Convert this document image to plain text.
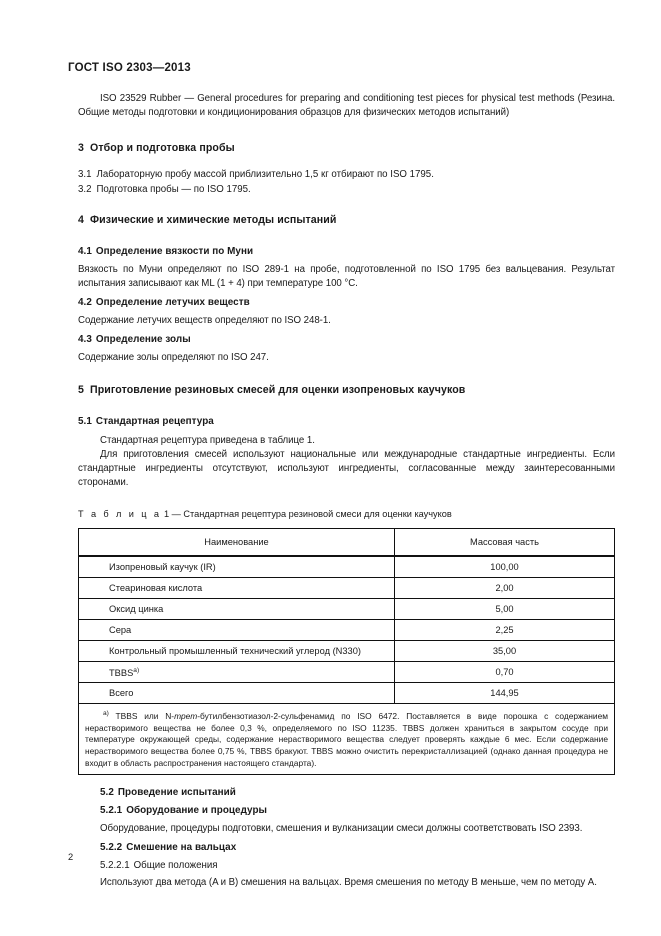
ГОСТ ISO 2303—2013

ISO 23529 Rubber — General procedures for preparing and conditioning test pieces for physical test methods (Резина. Общие методы подготовки и кондиционирования образцов для физических методов испытаний)

3 Отбор и подготовка пробы
3.1 Лабораторную пробу массой приблизительно 1,5 кг отбирают по ISO 1795.
3.2 Подготовка пробы — по ISO 1795.
4 Физические и химические методы испытаний
4.1 Определение вязкости по Муни

Вязкость по Муни определяют по ISO 289-1 на пробе, подготовленной по ISO 1795 без вальцевания. Результат испытания записывают как ML (1 + 4) при температуре 100 °C.

4.2 Определение летучих веществ

Содержание летучих веществ определяют по ISO 248-1.

4.3 Определение золы

Содержание золы определяют по ISO 247.

5 Приготовление резиновых смесей для оценки изопреновых каучуков
5.1 Стандартная рецептура

Стандартная рецептура приведена в таблице 1.

Для приготовления смесей используют национальные или международные стандартные ингредиенты. Если стандартные ингредиенты отсутствуют, используют ингредиенты, согласованные между заинтересованными сторонами.

Т а б л и ц а 1 — Стандартная рецептура резиновой смеси для оценки каучуков

Наименование	Массовая часть
Изопреновый каучук (IR)	100,00
Стеариновая кислота	2,00
Оксид цинка	5,00
Сера	2,25
Контрольный промышленный технический углерод (N330)	35,00
TBBS$^{a)}$	0,70
Всего	144,95
$^{a)}$ TBBS или N-трет-бутилбензотиазол-2-сульфенамид по ISO 6472. Поставляется в виде порошка с содержанием нерастворимого вещества не более 0,3 %, определяемого по ISO 11235. TBBS должен храниться в закрытом сосуде при температуре окружающей среды, содержание нерастворимого вещества следует проверять каждые 6 мес. Если содержание нерастворимого вещества более 0,75 %, TBBS бракуют. TBBS можно очистить перекристаллизацией (однако данная процедура не входит в область распространения настоящего стандарта).	
5.2 Проведение испытаний
5.2.1 Оборудование и процедуры

Оборудование, процедуры подготовки, смешения и вулканизации смеси должны соответствовать ISO 2393.

5.2.2 Смешение на вальцах
5.2.2.1 Общие положения

Используют два метода (A и B) смешения на вальцах. Время смешения по методу B меньше, чем по методу A.

2
